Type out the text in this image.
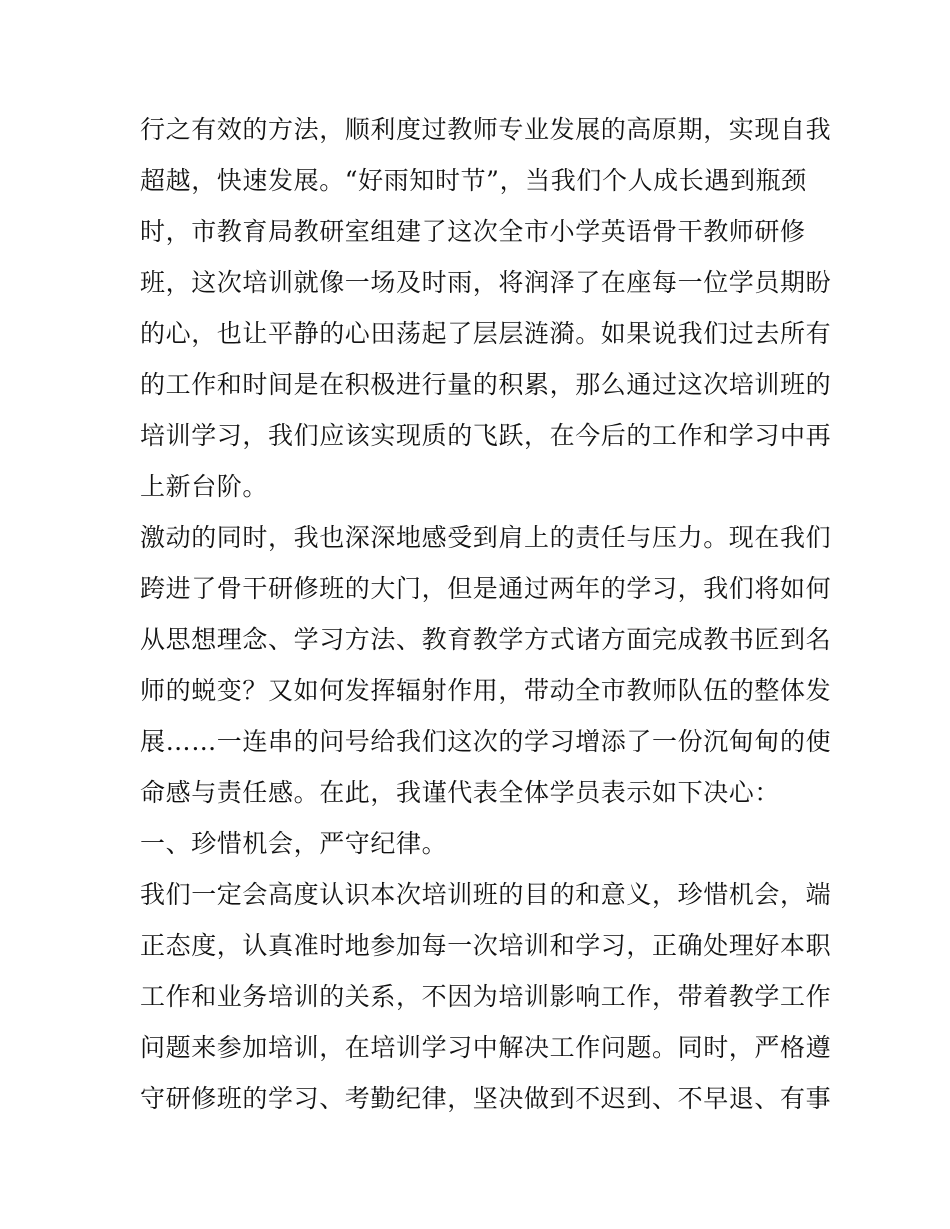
行之有效的方法，顺利度过教师专业发展的高原期，实现自我
超越，快速发展。“好雨知时节”，当我们个人成长遇到瓶颈
时，市教育局教研室组建了这次全市小学英语骨干教师研修
班，这次培训就像一场及时雨，将润泽了在座每一位学员期盼
的心，也让平静的心田荡起了层层涟漪。如果说我们过去所有
的工作和时间是在积极进行量的积累，那么通过这次培训班的
培训学习，我们应该实现质的飞跃，在今后的工作和学习中再
上新台阶。
激动的同时，我也深深地感受到肩上的责任与压力。现在我们
跨进了骨干研修班的大门，但是通过两年的学习，我们将如何
从思想理念、学习方法、教育教学方式诸方面完成教书匠到名
师的蜕变？又如何发挥辐射作用，带动全市教师队伍的整体发
展……一连串的问号给我们这次的学习增添了一份沉甸甸的使
命感与责任感。在此，我谨代表全体学员表示如下决心：
一、珍惜机会，严守纪律。
我们一定会高度认识本次培训班的目的和意义，珍惜机会，端
正态度，认真准时地参加每一次培训和学习，正确处理好本职
工作和业务培训的关系，不因为培训影响工作，带着教学工作
问题来参加培训，在培训学习中解决工作问题。同时，严格遵
守研修班的学习、考勤纪律，坚决做到不迟到、不早退、有事
